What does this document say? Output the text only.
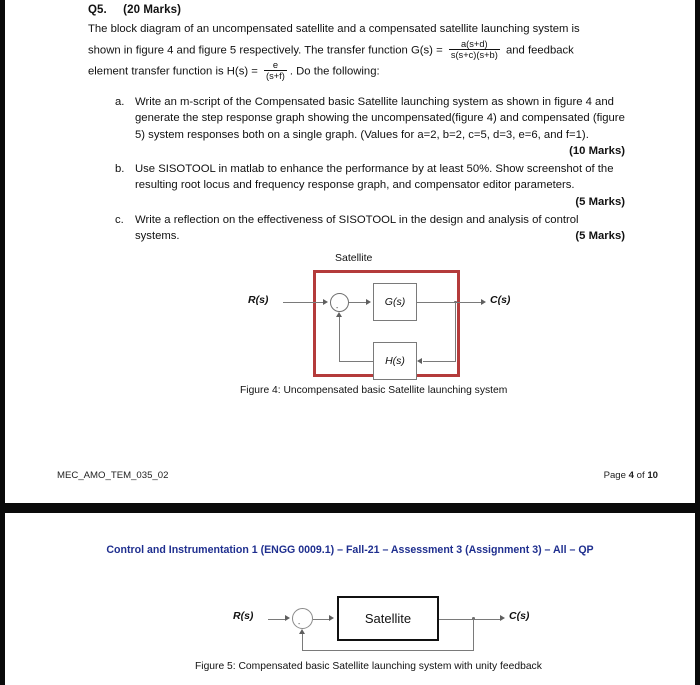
Q5. (20 Marks)
The block diagram of an uncompensated satellite and a compensated satellite launching system is shown in figure 4 and figure 5 respectively. The transfer function $G(s) = \frac{a(s+d)}{s(s+c)(s+b)}$ and feedback element transfer function is $H(s) = \frac{e}{(s+f)}$ . Do the following:
a. Write an m-script of the Compensated basic Satellite launching system as shown in figure 4 and generate the step response graph showing the uncompensated(figure 4) and compensated (figure 5) system responses both on a single graph. (Values for a=2, b=2, c=5, d=3, e=6, and f=1).
(10 Marks)
b. Use SISOTOOL in matlab to enhance the performance by at least 50%. Show screenshot of the resulting root locus and frequency response graph, and compensator editor parameters.
(5 Marks)
c. Write a reflection on the effectiveness of SISOTOOL in the design and analysis of control systems.	(5 Marks)
Satellite
R(s)
-
G(s)	C(s)
H(s)
Figure 4: Uncompensated basic Satellite launching system
MEC_AMO_TEM_035_02	Page 4 of 10
Control and Instrumentation 1 (ENGG 0009.1) – Fall-21 – Assessment 3 (Assignment 3) – All – QP
R(s)
-	Satellite	C(s)
Figure 5: Compensated basic Satellite launching system with unity feedback
